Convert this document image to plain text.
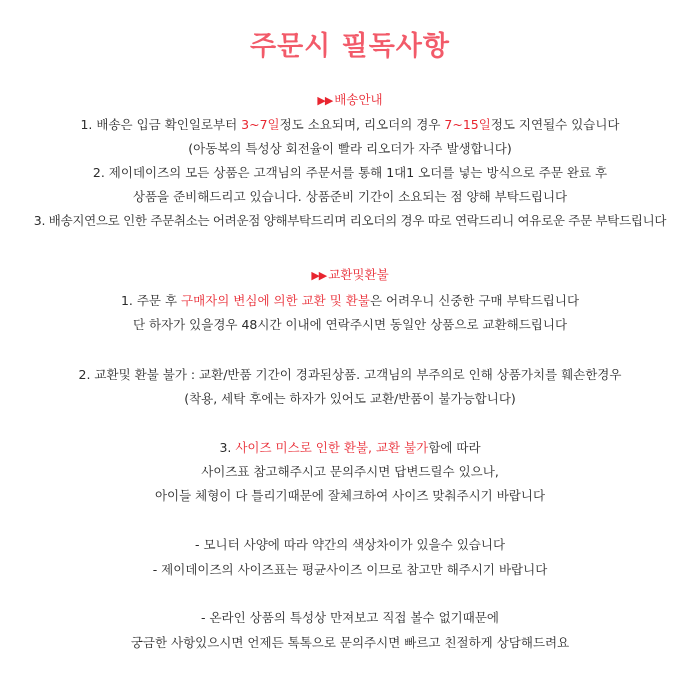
주문시 필독사항
▶▶ 배송안내
1. 배송은 입금 확인일로부터 3~7일정도 소요되며, 리오더의 경우 7~15일정도 지연될수 있습니다
(아동복의 특성상 회전율이 빨라 리오더가 자주 발생합니다)
2. 제이데이즈의 모든 상품은 고객님의 주문서를 통해 1대1 오더를 넣는 방식으로 주문 완료 후
상품을 준비해드리고 있습니다. 상품준비 기간이 소요되는 점 양해 부탁드립니다
3. 배송지연으로 인한 주문취소는 어려운점 양해부탁드리며 리오더의 경우 따로 연락드리니 여유로운 주문 부탁드립니다
▶▶ 교환및환불
1. 주문 후 구매자의 변심에 의한 교환 및 환불은 어려우니 신중한 구매 부탁드립니다
단 하자가 있을경우 48시간 이내에 연락주시면 동일안 상품으로 교환해드립니다
2. 교환및 환불 불가 : 교환/반품 기간이 경과된상품. 고객님의 부주의로 인해 상품가치를 훼손한경우
(착용, 세탁 후에는 하자가 있어도 교환/반품이 불가능합니다)
3. 사이즈 미스로 인한 환불, 교환 불가함에 따라
사이즈표 참고해주시고 문의주시면 답변드릴수 있으나,
아이들 체형이 다 틀리기때문에 잘체크하여 사이즈 맞춰주시기 바랍니다
- 모니터 사양에 따라 약간의 색상차이가 있을수 있습니다
- 제이데이즈의 사이즈표는 평균사이즈 이므로 참고만 해주시기 바랍니다
- 온라인 상품의 특성상 만져보고 직접 볼수 없기때문에
궁금한 사항있으시면 언제든 톡톡으로 문의주시면 빠르고 친절하게 상담해드려요
